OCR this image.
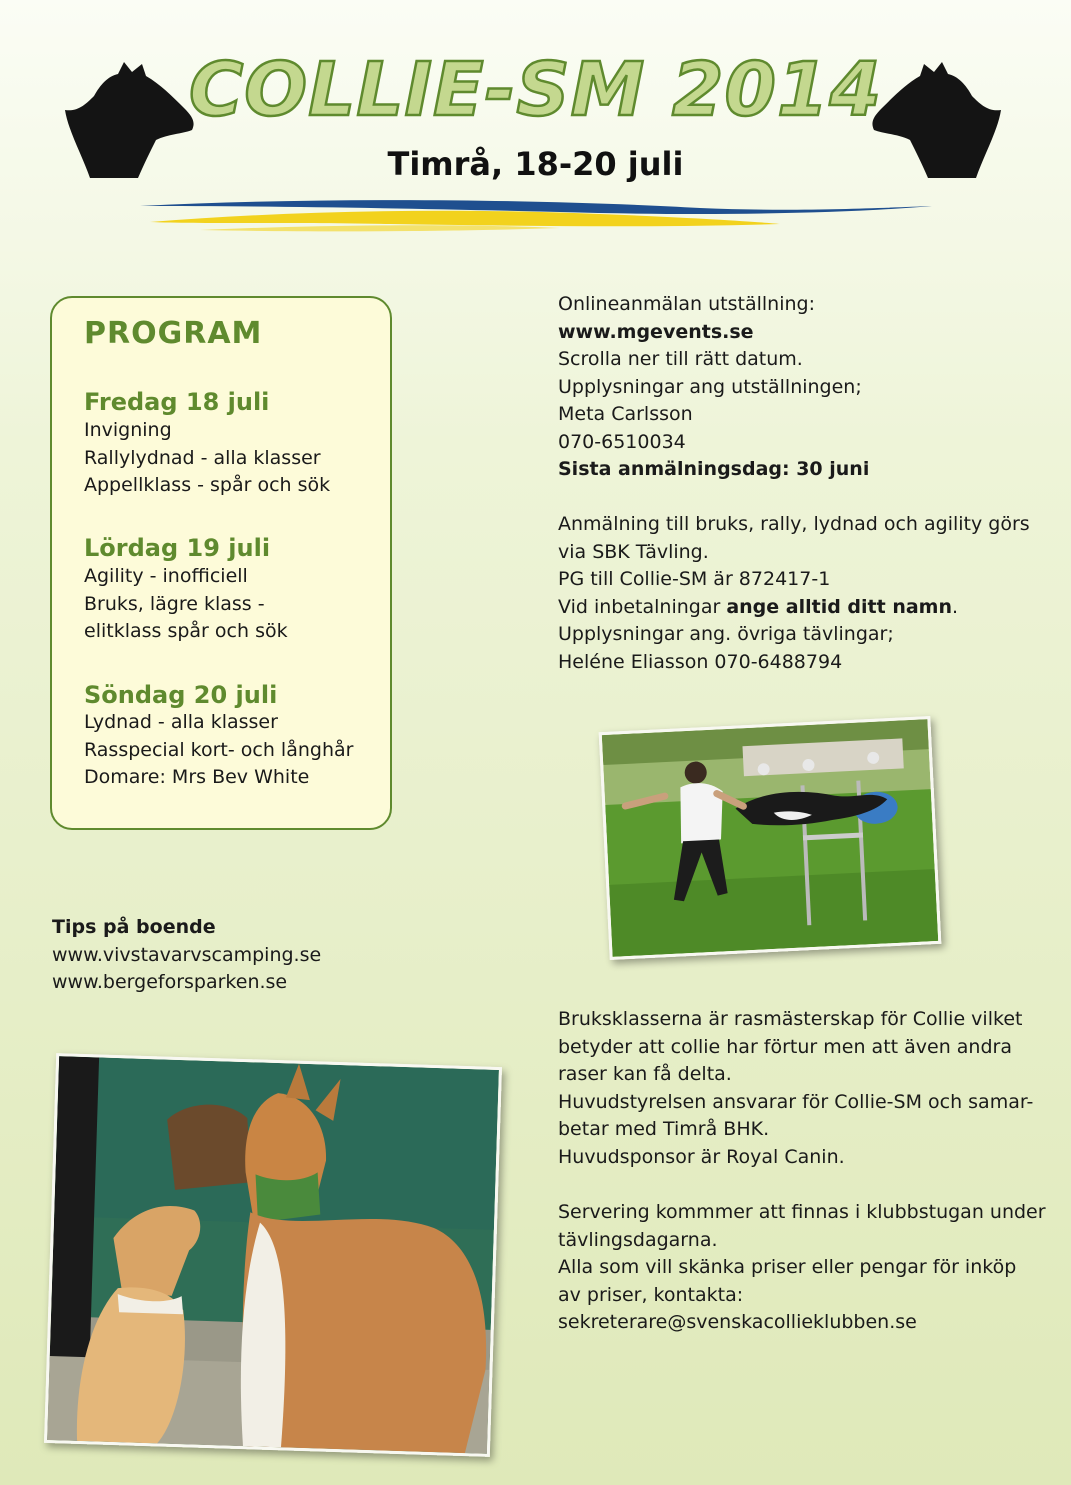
COLLIE-SM 2014
Timrå, 18-20 juli
PROGRAM
Fredag 18 juli
Invigning
Rallylydnad - alla klasser
Appellklass - spår och sök
Lördag 19 juli
Agility - inofficiell
Bruks, lägre klass -
elitklass spår och sök
Söndag 20 juli
Lydnad - alla klasser
Rasspecial kort- och långhår
Domare: Mrs Bev White
Onlineanmälan utställning:
www.mgevents.se
Scrolla ner till rätt datum.
Upplysningar ang utställningen;
Meta Carlsson
070-6510034
Sista anmälningsdag: 30 juni
Anmälning till bruks, rally, lydnad och agility görs
via SBK Tävling.
PG till Collie-SM är 872417-1
Vid inbetalningar ange alltid ditt namn.
Upplysningar ang. övriga tävlingar;
Heléne Eliasson 070-6488794
Tips på boende
www.vivstavarvscamping.se
www.bergeforsparken.se
Bruksklasserna är rasmästerskap för Collie vilket
betyder att collie har förtur men att även andra
raser kan få delta.
Huvudstyrelsen ansvarar för Collie-SM och samar-
betar med Timrå BHK.
Huvudsponsor är Royal Canin.
Servering kommmer att finnas i klubbstugan under
tävlingsdagarna.
Alla som vill skänka priser eller pengar för inköp
av priser, kontakta:
sekreterare@svenskacollieklubben.se
